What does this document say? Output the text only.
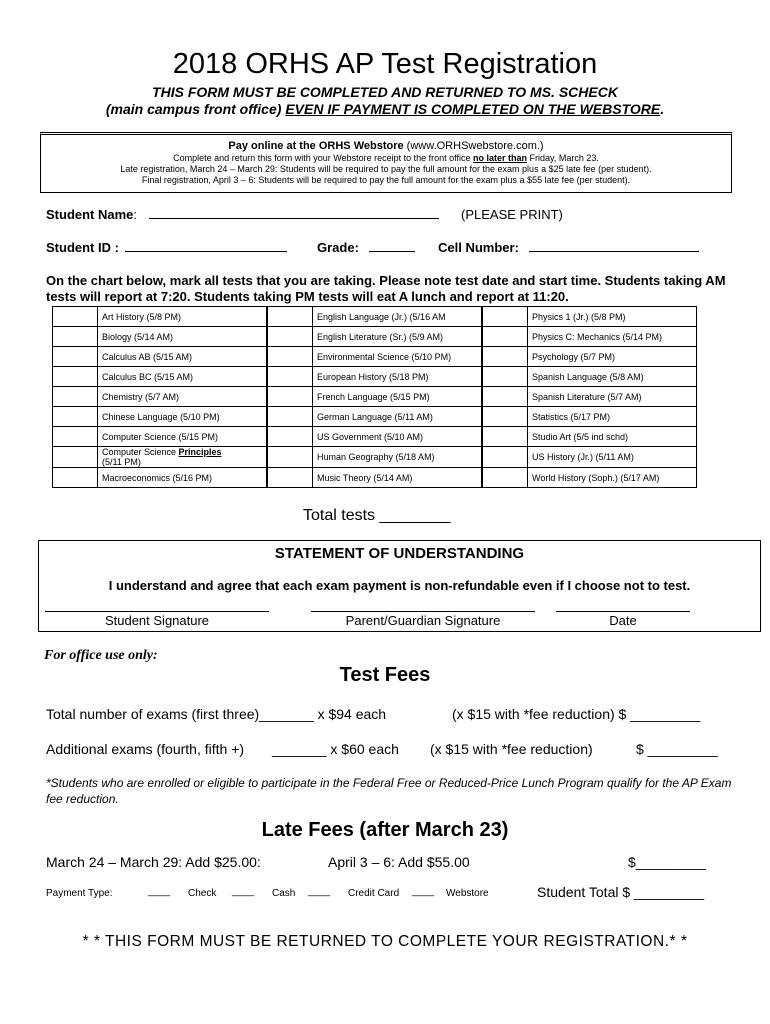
2018 ORHS AP Test Registration
THIS FORM MUST BE COMPLETED AND RETURNED TO MS. SCHECK
(main campus front office) EVEN IF PAYMENT IS COMPLETED ON THE WEBSTORE.
Pay online at the ORHS Webstore (www.ORHSwebstore.com.)
Complete and return this form with your Webstore receipt to the front office no later than Friday, March 23.
Late registration, March 24 – March 29: Students will be required to pay the full amount for the exam plus a $25 late fee (per student).
Final registration, April 3 – 6: Students will be required to pay the full amount for the exam plus a $55 late fee (per student).
Student Name:	(PLEASE PRINT)
Student ID :	Grade:	Cell Number:
On the chart below, mark all tests that you are taking. Please note test date and start time. Students taking AM tests will report at 7:20. Students taking PM tests will eat A lunch and report at 11:20.
	Art History (5/8 PM)		English Language (Jr.) (5/16 AM		Physics 1 (Jr.) (5/8 PM)
	Biology (5/14 AM)		English Literature (Sr.) (5/9 AM)		Physics C: Mechanics (5/14 PM)
	Calculus AB (5/15 AM)		Environmental Science (5/10 PM)		Psychology (5/7 PM)
	Calculus BC (5/15 AM)		European History (5/18 PM)		Spanish Language (5/8 AM)
	Chemistry (5/7 AM)		French Language (5/15 PM)		Spanish Literature (5/7 AM)
	Chinese Language (5/10 PM)		German Language (5/11 AM)		Statistics (5/17 PM)
	Computer Science (5/15 PM)		US Government (5/10 AM)		Studio Art (5/5 ind schd)
	Computer Science Principles
(5/11 PM)		Human Geography (5/18 AM)		US History (Jr.) (5/11 AM)
	Macroeconomics (5/16 PM)		Music Theory (5/14 AM)		World History (Soph.) (5/17 AM)
Total tests ________
STATEMENT OF UNDERSTANDING
I understand and agree that each exam payment is non-refundable even if I choose not to test.
Student Signature	Parent/Guardian Signature	Date
For office use only:
Test Fees
Total number of exams (first three)_______ x $94 each	(x $15 with *fee reduction) $ _________
Additional exams (fourth, fifth +) _______ x $60 each (x $15 with *fee reduction)	$ _________
*Students who are enrolled or eligible to participate in the Federal Free or Reduced-Price Lunch Program qualify for the AP Exam fee reduction.
Late Fees (after March 23)
March 24 – March 29: Add $25.00:	April 3 – 6: Add $55.00	$_________
Payment Type:	____ Check ____ Cash ____ Credit Card ____ Webstore	Student Total $ _________
* * THIS FORM MUST BE RETURNED TO COMPLETE YOUR REGISTRATION.* *
